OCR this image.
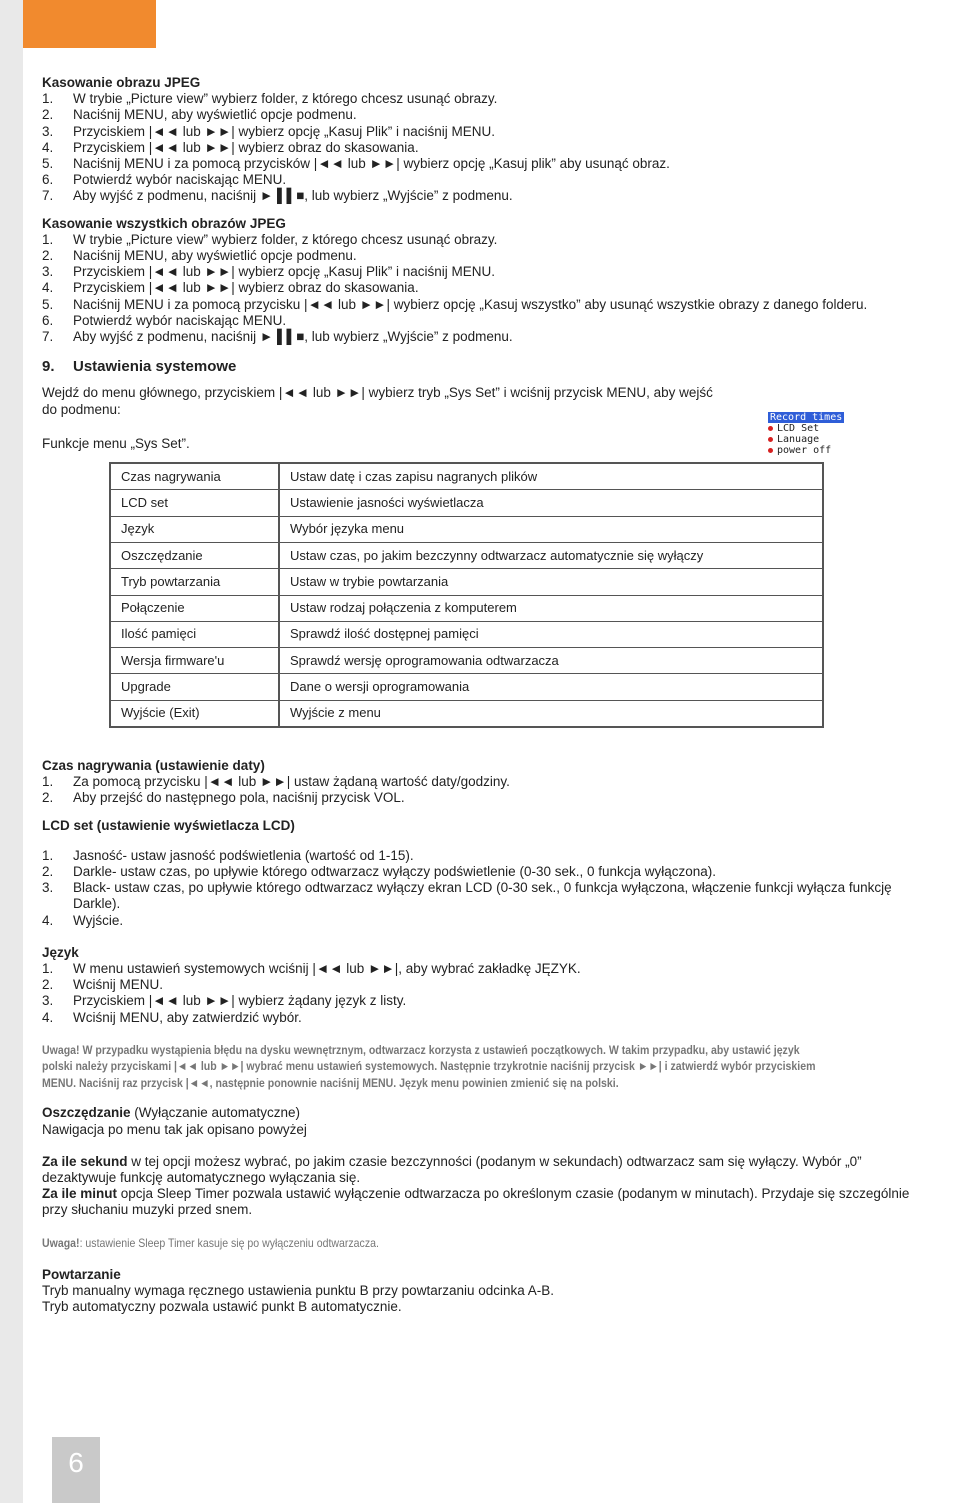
6
Record times
LCD Set
Lanuage
power off
Kasowanie obrazu JPEG
1.	W trybie „Picture view” wybierz folder, z którego chcesz usunąć obrazy.
2.	Naciśnij MENU, aby wyświetlić opcje podmenu.
3.	Przyciskiem |◄◄ lub ►►| wybierz opcję „Kasuj Plik” i naciśnij MENU.
4.	Przyciskiem |◄◄ lub ►►| wybierz obraz do skasowania.
5.	Naciśnij MENU i za pomocą przycisków |◄◄ lub ►►| wybierz opcję „Kasuj plik” aby usunąć obraz.
6.	Potwierdź wybór naciskając MENU.
7.	Aby wyjść z podmenu, naciśnij ► ▌▌■, lub wybierz „Wyjście” z podmenu.
Kasowanie wszystkich obrazów JPEG
1.	W trybie „Picture view” wybierz folder, z którego chcesz usunąć obrazy.
2.	Naciśnij MENU, aby wyświetlić opcje podmenu.
3.	Przyciskiem |◄◄ lub ►►| wybierz opcję „Kasuj Plik” i naciśnij MENU.
4.	Przyciskiem |◄◄ lub ►►| wybierz obraz do skasowania.
5.	Naciśnij MENU i za pomocą przycisku |◄◄ lub ►►| wybierz opcję „Kasuj wszystko” aby usunąć wszystkie obrazy z danego folderu.
6.	Potwierdź wybór naciskając MENU.
7.	Aby wyjść z podmenu, naciśnij ► ▌▌■, lub wybierz „Wyjście” z podmenu.
9.	Ustawienia systemowe
Wejdź do menu głównego, przyciskiem |◄◄ lub ►►| wybierz tryb „Sys Set” i wciśnij przycisk MENU, aby wejść do podmenu:
Funkcje menu „Sys Set”.
Czas nagrywania	Ustaw datę i czas zapisu nagranych plików
LCD set	Ustawienie jasności wyświetlacza
Język	Wybór języka menu
Oszczędzanie	Ustaw czas, po jakim bezczynny odtwarzacz automatycznie się wyłączy
Tryb powtarzania	Ustaw w trybie powtarzania
Połączenie	Ustaw rodzaj połączenia z komputerem
Ilość pamięci	Sprawdź ilość dostępnej pamięci
Wersja firmware'u	Sprawdź wersję oprogramowania odtwarzacza
Upgrade	Dane o wersji oprogramowania
Wyjście (Exit)	Wyjście z menu
Czas nagrywania (ustawienie daty)
1.	Za pomocą przycisku |◄◄ lub ►►| ustaw żądaną wartość daty/godziny.
2.	Aby przejść do następnego pola, naciśnij przycisk VOL.
LCD set (ustawienie wyświetlacza LCD)
1.	Jasność- ustaw jasność podświetlenia (wartość od 1-15).
2.	Darkle- ustaw czas, po upływie którego odtwarzacz wyłączy podświetlenie (0-30 sek., 0 funkcja wyłączona).
3.	Black- ustaw czas, po upływie którego odtwarzacz wyłączy ekran LCD (0-30 sek., 0 funkcja wyłączona, włączenie funkcji wyłącza funkcję Darkle).
4.	Wyjście.
Język
1.	W menu ustawień systemowych wciśnij |◄◄ lub ►►|, aby wybrać zakładkę JĘZYK.
2.	Wciśnij MENU.
3.	Przyciskiem |◄◄ lub ►►| wybierz żądany język z listy.
4.	Wciśnij MENU, aby zatwierdzić wybór.
Uwaga! W przypadku wystąpienia błędu na dysku wewnętrznym, odtwarzacz korzysta z ustawień początkowych. W takim przypadku, aby ustawić język
polski należy przyciskami |◄◄ lub ►►| wybrać menu ustawień systemowych. Następnie trzykrotnie naciśnij przycisk ►►| i zatwierdź wybór przyciskiem
MENU. Naciśnij raz przycisk |◄◄, następnie ponownie naciśnij MENU. Język menu powinien zmienić się na polski.
Oszczędzanie (Wyłączanie automatyczne)
Nawigacja po menu tak jak opisano powyżej
Za ile sekund w tej opcji możesz wybrać, po jakim czasie bezczynności (podanym w sekundach) odtwarzacz sam się wyłączy. Wybór „0” dezaktywuje funkcję automatycznego wyłączania się.
Za ile minut opcja Sleep Timer pozwala ustawić wyłączenie odtwarzacza po określonym czasie (podanym w minutach). Przydaje się szczególnie przy słuchaniu muzyki przed snem.
Uwaga!: ustawienie Sleep Timer kasuje się po wyłączeniu odtwarzacza.
Powtarzanie
Tryb manualny wymaga ręcznego ustawienia punktu B przy powtarzaniu odcinka A-B.
Tryb automatyczny pozwala ustawić punkt B automatycznie.
